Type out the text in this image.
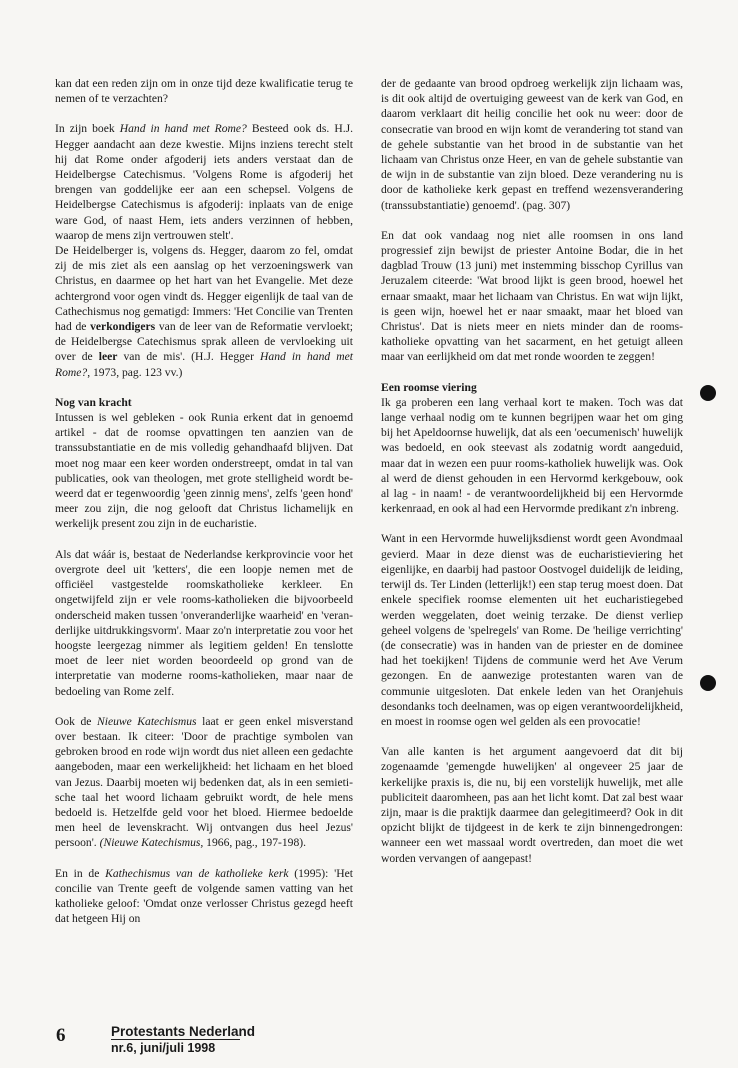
kan dat een reden zijn om in onze tijd deze kwalificatie terug te nemen of te verzachten?

In zijn boek Hand in hand met Rome? Besteed ook ds. H.J. Hegger aandacht aan deze kwestie. Mijns inziens terecht stelt hij dat Rome onder afgoderij iets anders verstaat dan de Heidelbergse Catechismus. 'Volgens Rome is afgoderij het brengen van goddelijke eer aan een schepsel. Volgens de Heidelbergse Catechismus is afgoderij: inplaats van de enige ware God, of naast Hem, iets anders verzinnen of hebben, waarop de mens zijn vertrouwen stelt'.

De Heidelberger is, volgens ds. Hegger, daarom zo fel, omdat zij de mis ziet als een aanslag op het verzoeningswerk van Christus, en daarmee op het hart van het Evangelie. Met deze achtergrond voor ogen vindt ds. Hegger eigenlijk de taal van de Cathechismus nog gematigd: Immers: 'Het Concilie van Trenten had de verkondigers van de leer van de Reformatie vervloekt; de Heidelbergse Catechismus sprak alleen de vervloeking uit over de leer van de mis'. (H.J. Hegger Hand in hand met Rome?, 1973, pag. 123 vv.)

Nog van kracht

Intussen is wel gebleken - ook Runia erkent dat in genoemd artikel - dat de roomse opvattingen ten aanzien van de transsubstantiatie en de mis volledig gehandhaafd blijven. Dat moet nog maar een keer worden onderstreept, omdat in tal van publicaties, ook van theologen, met grote stelligheid wordt beweerd dat er tegenwoordig 'geen zinnig mens', zelfs 'geen hond' meer zou zijn, die nog gelooft dat Christus lichamelijk en werkelijk present zou zijn in de eucharistie.

Als dat wáár is, bestaat de Nederlandse kerkprovincie voor het overgrote deel uit 'ketters', die een loopje nemen met de officiëel vastgestelde roomskatholieke kerkleer. En ongetwijfeld zijn er vele rooms-katholieken die bijvoorbeeld onderscheid maken tussen 'onveranderlijke waarheid' en 'veranderlijke uitdrukkingsvorm'. Maar zo'n interpretatie zou voor het hoogste leergezag nimmer als legitiem gelden! En tenslotte moet de leer niet worden beoordeeld op grond van de interpretatie van moderne rooms-katholieken, maar naar de bedoeling van Rome zelf.

Ook de Nieuwe Katechismus laat er geen enkel misverstand over bestaan. Ik citeer: 'Door de prachtige symbolen van gebroken brood en rode wijn wordt dus niet alleen een gedachte aangeboden, maar een werkelijkheid: het lichaam en het bloed van Jezus. Daarbij moeten wij bedenken dat, als in een semietische taal het woord lichaam gebruikt wordt, de hele mens bedoeld is. Hetzelfde geld voor het bloed. Hiermee bedoelde men heel de levenskracht. Wij ontvangen dus heel Jezus' persoon'. (Nieuwe Katechismus, 1966, pag., 197-198).

En in de Kathechismus van de katholieke kerk (1995): 'Het concilie van Trente geeft de volgende samen vatting van het katholieke geloof: 'Omdat onze verlosser Christus gezegd heeft dat hetgeen Hij on

der de gedaante van brood opdroeg werkelijk zijn lichaam was, is dit ook altijd de overtuiging geweest van de kerk van God, en daarom verklaart dit heilig concilie het ook nu weer: door de consecratie van brood en wijn komt de verandering tot stand van de gehele substantie van het brood in de substantie van het lichaam van Christus onze Heer, en van de gehele substantie van de wijn in de substantie van zijn bloed. Deze verandering nu is door de katholieke kerk gepast en treffend wezensverandering (transsubstantiatie) genoemd'. (pag. 307)

En dat ook vandaag nog niet alle roomsen in ons land progressief zijn bewijst de priester Antoine Bodar, die in het dagblad Trouw (13 juni) met instemming bisschop Cyrillus van Jeruzalem citeerde: 'Wat brood lijkt is geen brood, hoewel het ernaar smaakt, maar het lichaam van Christus. En wat wijn lijkt, is geen wijn, hoewel het er naar smaakt, maar het bloed van Christus'. Dat is niets meer en niets minder dan de rooms-katholieke opvatting van het sacarment, en het getuigt alleen maar van eerlijkheid om dat met ronde woorden te zeggen!

Een roomse viering

Ik ga proberen een lang verhaal kort te maken. Toch was dat lange verhaal nodig om te kunnen begrijpen waar het om ging bij het Apeldoornse huwelijk, dat als een 'oecumenisch' huwelijk was bedoeld, en ook steevast als zodatnig wordt aangeduid, maar dat in wezen een puur rooms-katholiek huwelijk was. Ook al werd de dienst gehouden in een Hervormd kerkgebouw, ook al lag - in naam! - de verantwoordelijkheid bij een Hervormde kerkenraad, en ook al had een Hervormde predikant z'n inbreng.

Want in een Hervormde huwelijksdienst wordt geen Avondmaal gevierd. Maar in deze dienst was de eucharistieviering het eigenlijke, en daarbij had pastoor Oostvogel duidelijk de leiding, terwijl ds. Ter Linden (letterlijk!) een stap terug moest doen. Dat enkele specifiek roomse elementen uit het eucharistiegebed werden weggelaten, doet weinig terzake. De dienst verliep geheel volgens de 'spelregels' van Rome. De 'heilige verrichting' (de consecratie) was in handen van de priester en de dominee had het toekijken! Tijdens de communie werd het Ave Verum gezongen. En de aanwezige protestanten waren van de communie uitgesloten. Dat enkele leden van het Oranjehuis desondanks toch deelnamen, was op eigen verantwoordelijkheid, en moest in roomse ogen wel gelden als een provocatie!

Van alle kanten is het argument aangevoerd dat dit bij zogenaamde 'gemengde huwelijken' al ongeveer 25 jaar de kerkelijke praxis is, die nu, bij een vorstelijk huwelijk, met alle publiciteit daaromheen, pas aan het licht komt. Dat zal best waar zijn, maar is die praktijk daarmee dan gelegitimeerd? Ook in dit opzicht blijkt de tijdgeest in de kerk te zijn binnengedrongen: wanneer een wet massaal wordt overtreden, dan moet die wet worden vervangen of aangepast!

6	Protestants Nederland
nr.6, juni/juli 1998
